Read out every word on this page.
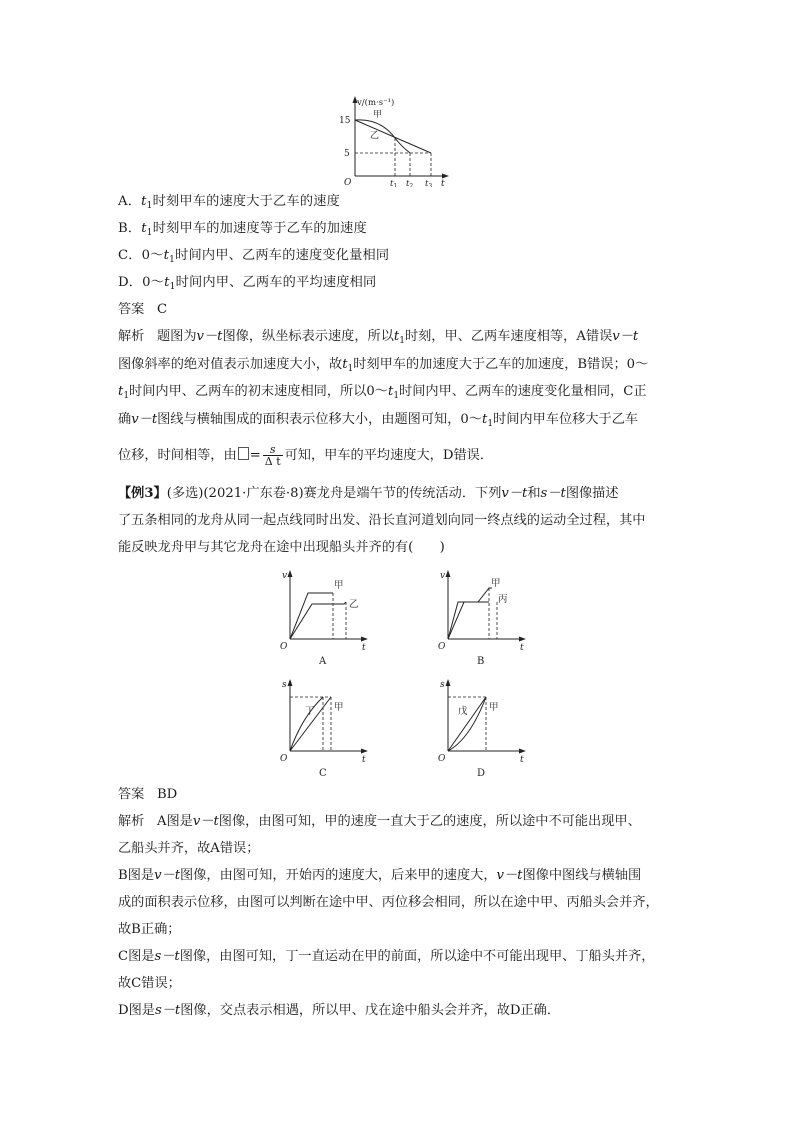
v/(m·s⁻¹)
15
5
O
甲
乙
$t_1$ $t_2$ $t_3$ t
A．$t_1$时刻甲车的速度大于乙车的速度
B．$t_1$时刻甲车的加速度等于乙车的加速度
C．$0\sim t_1$时间内甲、乙两车的速度变化量相同
D．$0\sim t_1$时间内甲、乙两车的平均速度相同
答案 C
解析 题图为v－t图像，纵坐标表示速度，所以$t_1$时刻，甲、乙两车速度相等，A错误v－t
图像斜率的绝对值表示加速度大小，故$t_1$时刻甲车的加速度大于乙车的加速度，B错误；0～
$t_1$时间内甲、乙两车的初末速度相同，所以$0\sim t_1$时间内甲、乙两车的速度变化量相同，C正
确v－t图线与横轴围成的面积表示位移大小，由题图可知，$0\sim t_1$时间内甲车位移大于乙车
位移，时间相等，由 = $\frac{s}{\text{Δ t}}$ 可知，甲车的平均速度大，D错误．
【例3】(多选)(2021·广东卷·8)赛龙舟是端午节的传统活动．下列v－t和s－t图像描述
了五条相同的龙舟从同一起点线同时出发、沿长直河道划向同一终点线的运动全过程，其中
能反映龙舟甲与其它龙舟在途中出现船头并齐的有(　　)
v
t
O
甲
乙
A
v
t
O
甲
丙
B
s
t
O
丁 甲
C
s
t
O
戊 甲
D
答案 BD
解析 A图是v－t图像，由图可知，甲的速度一直大于乙的速度，所以途中不可能出现甲、
乙船头并齐，故A错误；
B图是v－t图像，由图可知，开始丙的速度大，后来甲的速度大，v－t图像中图线与横轴围
成的面积表示位移，由图可以判断在途中甲、丙位移会相同，所以在途中甲、丙船头会并齐，
故B正确；
C图是s－t图像，由图可知，丁一直运动在甲的前面，所以途中不可能出现甲、丁船头并齐，
故C错误；
D图是s－t图像，交点表示相遇，所以甲、戊在途中船头会并齐，故D正确．
